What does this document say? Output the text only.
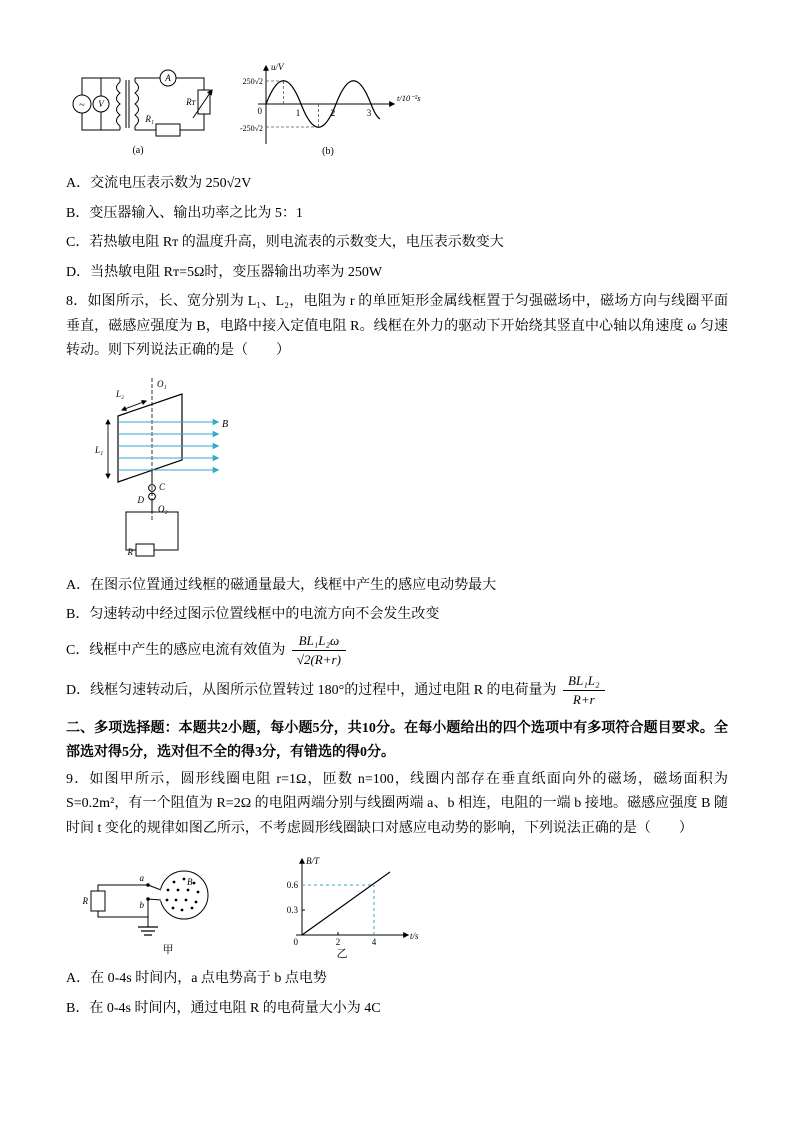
~ V
A
Rᴛ
R₁
(a)
u/V
250√2
-250√2
0	1	2	3
t/10⁻²s
(b)
A．交流电压表示数为 250√2V
B．变压器输入、输出功率之比为 5：1
C．若热敏电阻 Rᴛ 的温度升高，则电流表的示数变大，电压表示数变大
D．当热敏电阻 Rᴛ=5Ω时，变压器输出功率为 250W
8．如图所示，长、宽分别为 L₁、L₂，电阻为 r 的单匝矩形金属线框置于匀强磁场中，磁场方向与线圈平面垂直，磁感应强度为 B，电路中接入定值电阻 R。线框在外力的驱动下开始绕其竖直中心轴以角速度 ω 匀速转动。则下列说法正确的是（　　）
O₁
L₂
B
L₁
C
D
O₂
R
A．在图示位置通过线框的磁通量最大，线框中产生的感应电动势最大
B．匀速转动中经过图示位置线框中的电流方向不会发生改变
C．线框中产生的感应电流有效值为 $\frac{\text{BL₁L₂ω}}{√2(R+r)}$
D．线框匀速转动后，从图所示位置转过 180°的过程中，通过电阻 R 的电荷量为 $\frac{\text{BL₁L₂}}{R+r}$
二、多项选择题：本题共2小题，每小题5分，共10分。在每小题给出的四个选项中有多项符合题目要求。全部选对得5分，选对但不全的得3分，有错选的得0分。
9．如图甲所示，圆形线圈电阻 r=1Ω，匝数 n=100，线圈内部存在垂直纸面向外的磁场，磁场面积为 S=0.2m²，有一个阻值为 R=2Ω 的电阻两端分别与线圈两端 a、b 相连，电阻的一端 b 接地。磁感应强度 B 随时间 t 变化的规律如图乙所示，不考虑圆形线圈缺口对感应电动势的影响，下列说法正确的是（　　）
R
a
b
B
甲
B/T
0.6
0.3
0	2	4
t/s
乙
A．在 0-4s 时间内，a 点电势高于 b 点电势
B．在 0-4s 时间内，通过电阻 R 的电荷量大小为 4C
